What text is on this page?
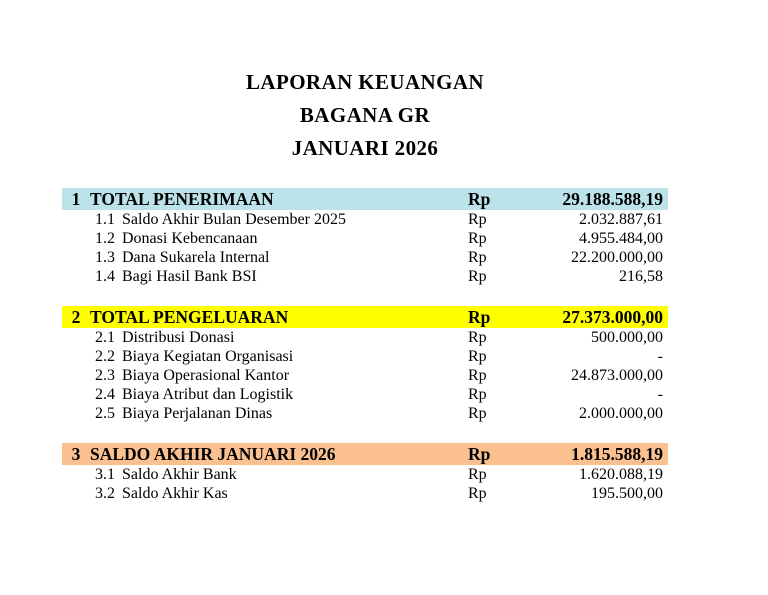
LAPORAN KEUANGAN
BAGANA GR
JANUARI 2026
1 TOTAL PENERIMAAN	Rp	29.188.588,19
1.1 Saldo Akhir Bulan Desember 2025	Rp	2.032.887,61
1.2 Donasi Kebencanaan	Rp	4.955.484,00
1.3 Dana Sukarela Internal	Rp	22.200.000,00
1.4 Bagi Hasil Bank BSI	Rp	216,58
2 TOTAL PENGELUARAN	Rp	27.373.000,00
2.1 Distribusi Donasi	Rp	500.000,00
2.2 Biaya Kegiatan Organisasi	Rp	-
2.3 Biaya Operasional Kantor	Rp	24.873.000,00
2.4 Biaya Atribut dan Logistik	Rp	-
2.5 Biaya Perjalanan Dinas	Rp	2.000.000,00
3 SALDO AKHIR JANUARI 2026	Rp	1.815.588,19
3.1 Saldo Akhir Bank	Rp	1.620.088,19
3.2 Saldo Akhir Kas	Rp	195.500,00
